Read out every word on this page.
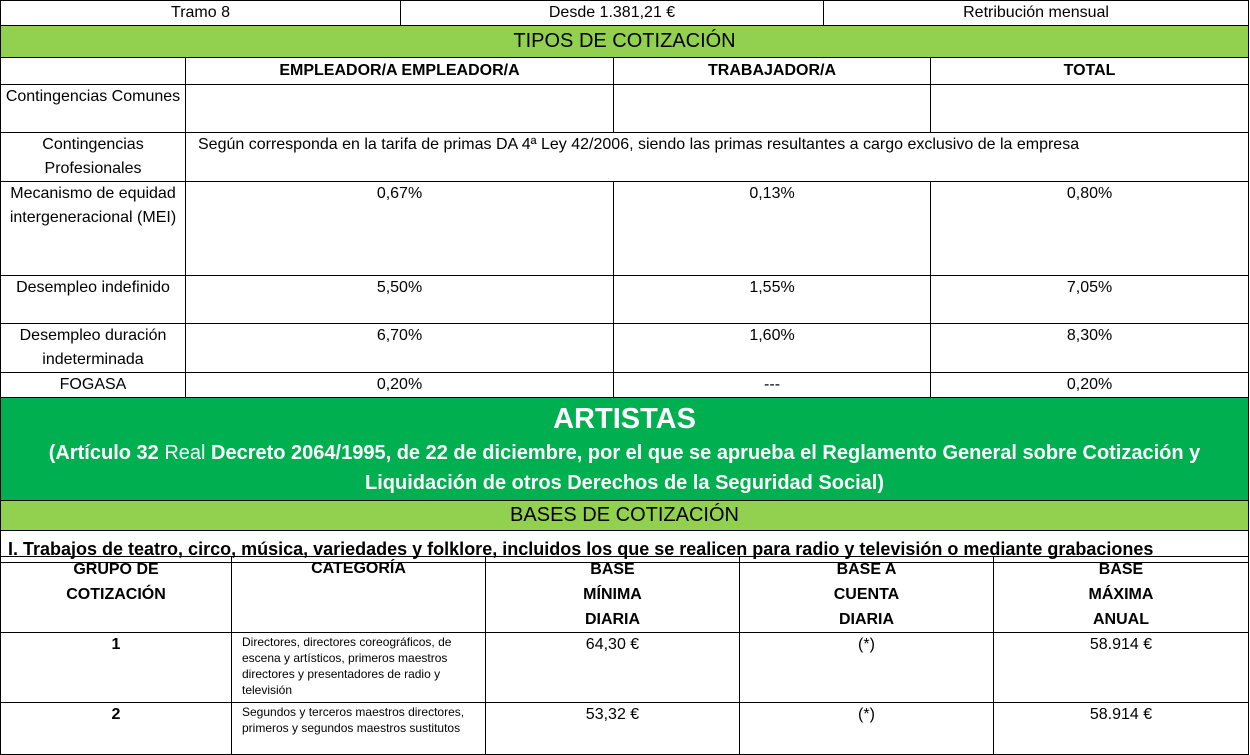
Tramo 8		Desde 1.381,21 €		Retribución mensual	
TIPOS DE COTIZACIÓN					
	EMPLEADOR/A EMPLEADOR/A		TRABAJADOR/A		TOTAL
Contingencias Comunes					
Contingencias Profesionales	Según corresponda en la tarifa de primas DA 4ª Ley 42/2006, siendo las primas resultantes a cargo exclusivo de la empresa				
Mecanismo de equidad intergeneracional (MEI)	0,67%		0,13%		0,80%
Desempleo indefinido	5,50%		1,55%		7,05%
Desempleo duración indeterminada	6,70%		1,60%		8,30%
FOGASA	0,20%		---		0,20%

ARTISTAS
(Artículo 32 Real Decreto 2064/1995, de 22 de diciembre, por el que se aprueba el Reglamento General sobre Cotización y Liquidación de otros Derechos de la Seguridad Social)					

BASES DE COTIZACIÓN					
I. Trabajos de teatro, circo, música, variedades y folklore, incluidos los que se realicen para radio y televisión o mediante grabaciones					
GRUPO DE COTIZACIÓN	CATEGORÍA	BASE MÍNIMA DIARIA	BASE A CUENTA DIARIA	BASE MÁXIMA ANUAL
1	Directores, directores coreográficos, de escena y artísticos, primeros maestros directores y presentadores de radio y televisión	64,30 €	(*)	58.914 €
2	Segundos y terceros maestros directores, primeros y segundos maestros sustitutos	53,32 €	(*)	58.914 €
